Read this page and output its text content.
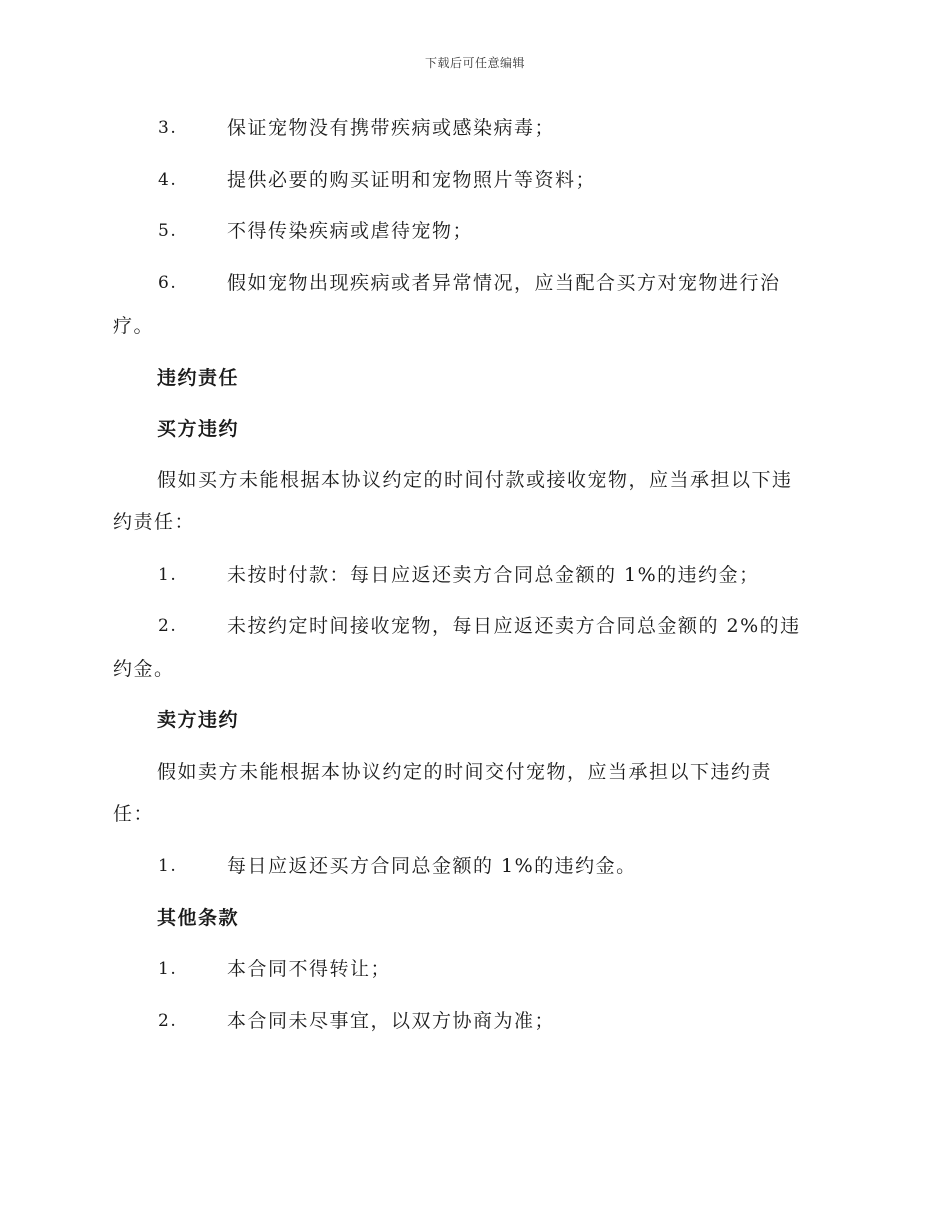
下载后可任意编辑
3.	保证宠物没有携带疾病或感染病毒；
4.	提供必要的购买证明和宠物照片等资料；
5.	不得传染疾病或虐待宠物；
6.	假如宠物出现疾病或者异常情况，应当配合买方对宠物进行治
疗。
违约责任
买方违约
假如买方未能根据本协议约定的时间付款或接收宠物，应当承担以下违
约责任：
1.	未按时付款：每日应返还卖方合同总金额的 1%的违约金；
2.	未按约定时间接收宠物，每日应返还卖方合同总金额的 2%的违
约金。
卖方违约
假如卖方未能根据本协议约定的时间交付宠物，应当承担以下违约责
任：
1.	每日应返还买方合同总金额的 1%的违约金。
其他条款
1.	本合同不得转让；
2.	本合同未尽事宜，以双方协商为准；
